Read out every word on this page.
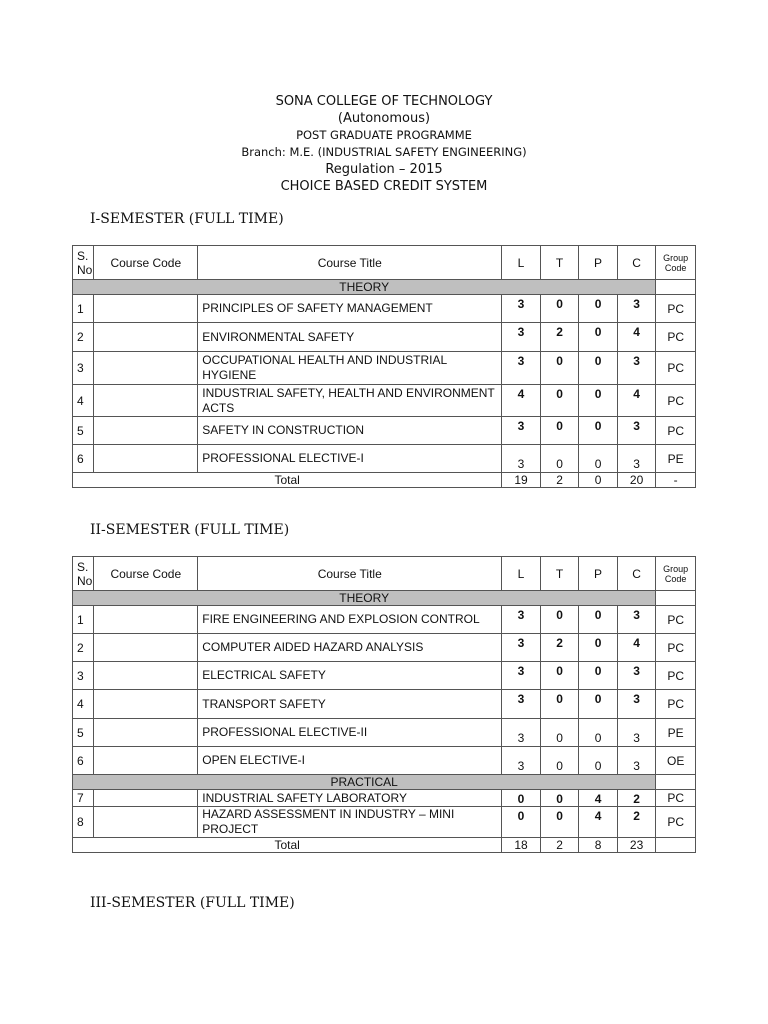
SONA COLLEGE OF TECHNOLOGY
(Autonomous)
POST GRADUATE PROGRAMME
Branch: M.E. (INDUSTRIAL SAFETY ENGINEERING)
Regulation – 2015
CHOICE BASED CREDIT SYSTEM
I-SEMESTER (FULL TIME)
S. No	Course Code	Course Title	L	T	P	C	Group Code
THEORY							
1		PRINCIPLES OF SAFETY MANAGEMENT	3	0	0	3	PC
2		ENVIRONMENTAL SAFETY	3	2	0	4	PC
3		OCCUPATIONAL HEALTH AND INDUSTRIAL HYGIENE	3	0	0	3	PC
4		INDUSTRIAL SAFETY, HEALTH AND ENVIRONMENT ACTS	4	0	0	4	PC
5		SAFETY IN CONSTRUCTION	3	0	0	3	PC
6		PROFESSIONAL ELECTIVE-I	3	0	0	3	PE
Total			19	2	0	20	-
II-SEMESTER (FULL TIME)
S. No	Course Code	Course Title	L	T	P	C	Group Code
THEORY							
1		FIRE ENGINEERING AND EXPLOSION CONTROL	3	0	0	3	PC
2		COMPUTER AIDED HAZARD ANALYSIS	3	2	0	4	PC
3		ELECTRICAL SAFETY	3	0	0	3	PC
4		TRANSPORT SAFETY	3	0	0	3	PC
5		PROFESSIONAL ELECTIVE-II	3	0	0	3	PE
6		OPEN ELECTIVE-I	3	0	0	3	OE
PRACTICAL							
7		INDUSTRIAL SAFETY LABORATORY	0	0	4	2	PC
8		HAZARD ASSESSMENT IN INDUSTRY – MINI PROJECT	0	0	4	2	PC
Total			18	2	8	23	
III-SEMESTER (FULL TIME)
